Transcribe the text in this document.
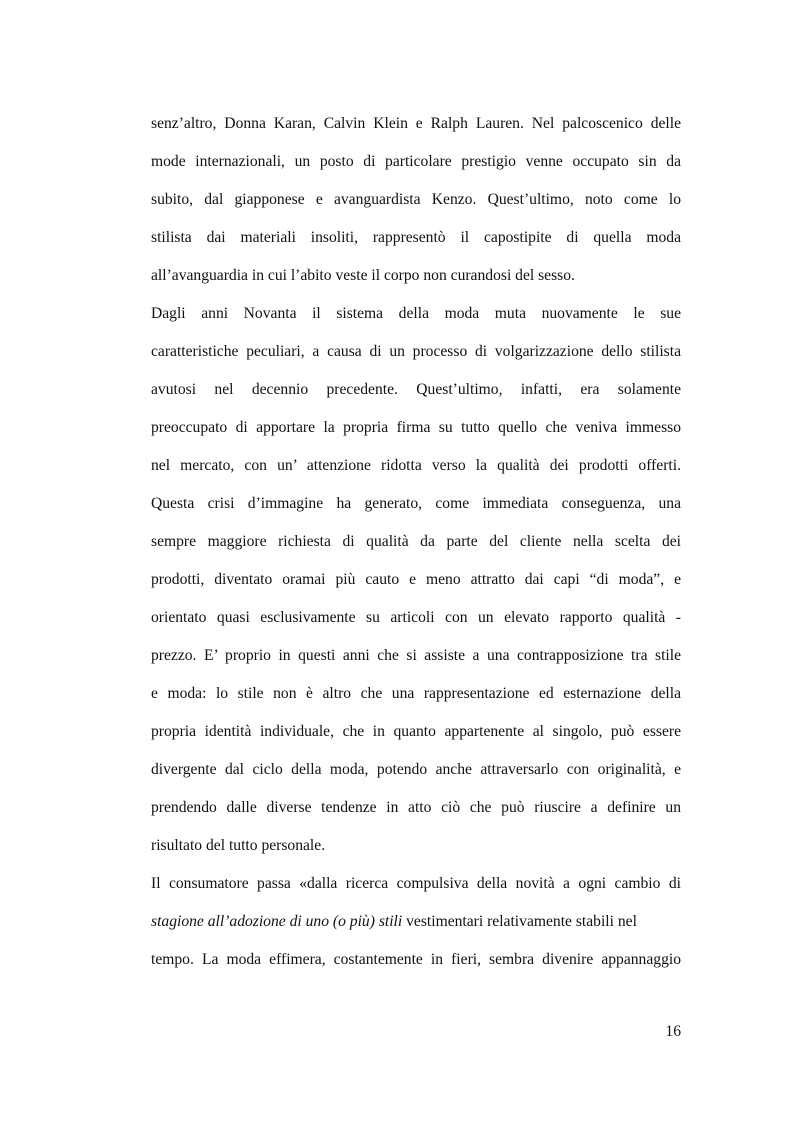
senz’altro, Donna Karan, Calvin Klein e Ralph Lauren. Nel palcoscenico delle
mode internazionali, un posto di particolare prestigio venne occupato sin da
subito, dal giapponese e avanguardista Kenzo. Quest’ultimo, noto come lo
stilista dai materiali insoliti, rappresentò il capostipite di quella moda
all’avanguardia in cui l’abito veste il corpo non curandosi del sesso.
Dagli anni Novanta il sistema della moda muta nuovamente le sue
caratteristiche peculiari, a causa di un processo di volgarizzazione dello stilista
avutosi nel decennio precedente. Quest’ultimo, infatti, era solamente
preoccupato di apportare la propria firma su tutto quello che veniva immesso
nel mercato, con un’ attenzione ridotta verso la qualità dei prodotti offerti.
Questa crisi d’immagine ha generato, come immediata conseguenza, una
sempre maggiore richiesta di qualità da parte del cliente nella scelta dei
prodotti, diventato oramai più cauto e meno attratto dai capi “di moda”, e
orientato quasi esclusivamente su articoli con un elevato rapporto qualità -
prezzo. E’ proprio in questi anni che si assiste a una contrapposizione tra stile
e moda: lo stile non è altro che una rappresentazione ed esternazione della
propria identità individuale, che in quanto appartenente al singolo, può essere
divergente dal ciclo della moda, potendo anche attraversarlo con originalità, e
prendendo dalle diverse tendenze in atto ciò che può riuscire a definire un
risultato del tutto personale.
Il consumatore passa «dalla ricerca compulsiva della novità a ogni cambio di
stagione all’adozione di uno (o più) stili vestimentari relativamente stabili nel
tempo. La moda effimera, costantemente in fieri, sembra divenire appannaggio
16
